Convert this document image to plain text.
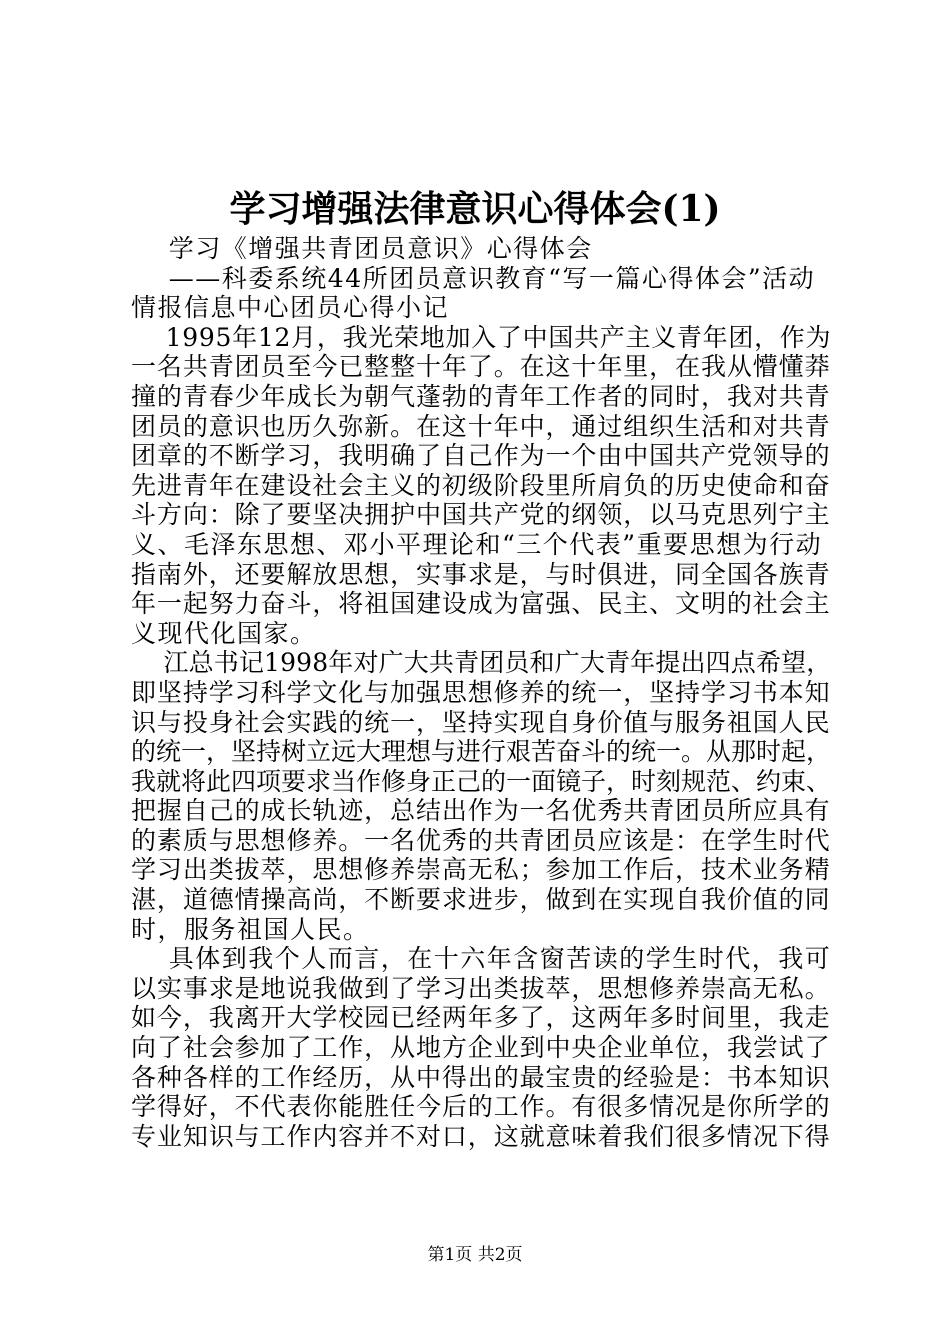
学习增强法律意识心得体会(1)
学习《增强共青团员意识》心得体会
——科委系统44所团员意识教育“写一篇心得体会”活动
情报信息中心团员心得小记
1995年12月，我光荣地加入了中国共产主义青年团，作为
一名共青团员至今已整整十年了。在这十年里，在我从懵懂莽
撞的青春少年成长为朝气蓬勃的青年工作者的同时，我对共青
团员的意识也历久弥新。在这十年中，通过组织生活和对共青
团章的不断学习，我明确了自己作为一个由中国共产党领导的
先进青年在建设社会主义的初级阶段里所肩负的历史使命和奋
斗方向：除了要坚决拥护中国共产党的纲领，以马克思列宁主
义、毛泽东思想、邓小平理论和“三个代表”重要思想为行动
指南外，还要解放思想，实事求是，与时俱进，同全国各族青
年一起努力奋斗，将祖国建设成为富强、民主、文明的社会主
义现代化国家。
江总书记1998年对广大共青团员和广大青年提出四点希望，
即坚持学习科学文化与加强思想修养的统一，坚持学习书本知
识与投身社会实践的统一，坚持实现自身价值与服务祖国人民
的统一，坚持树立远大理想与进行艰苦奋斗的统一。从那时起，
我就将此四项要求当作修身正己的一面镜子，时刻规范、约束、
把握自己的成长轨迹，总结出作为一名优秀共青团员所应具有
的素质与思想修养。一名优秀的共青团员应该是：在学生时代
学习出类拔萃，思想修养崇高无私；参加工作后，技术业务精
湛，道德情操高尚，不断要求进步，做到在实现自我价值的同
时，服务祖国人民。
具体到我个人而言，在十六年含窗苦读的学生时代，我可
以实事求是地说我做到了学习出类拔萃，思想修养崇高无私。
如今，我离开大学校园已经两年多了，这两年多时间里，我走
向了社会参加了工作，从地方企业到中央企业单位，我尝试了
各种各样的工作经历，从中得出的最宝贵的经验是：书本知识
学得好，不代表你能胜任今后的工作。有很多情况是你所学的
专业知识与工作内容并不对口，这就意味着我们很多情况下得
第1页 共2页
